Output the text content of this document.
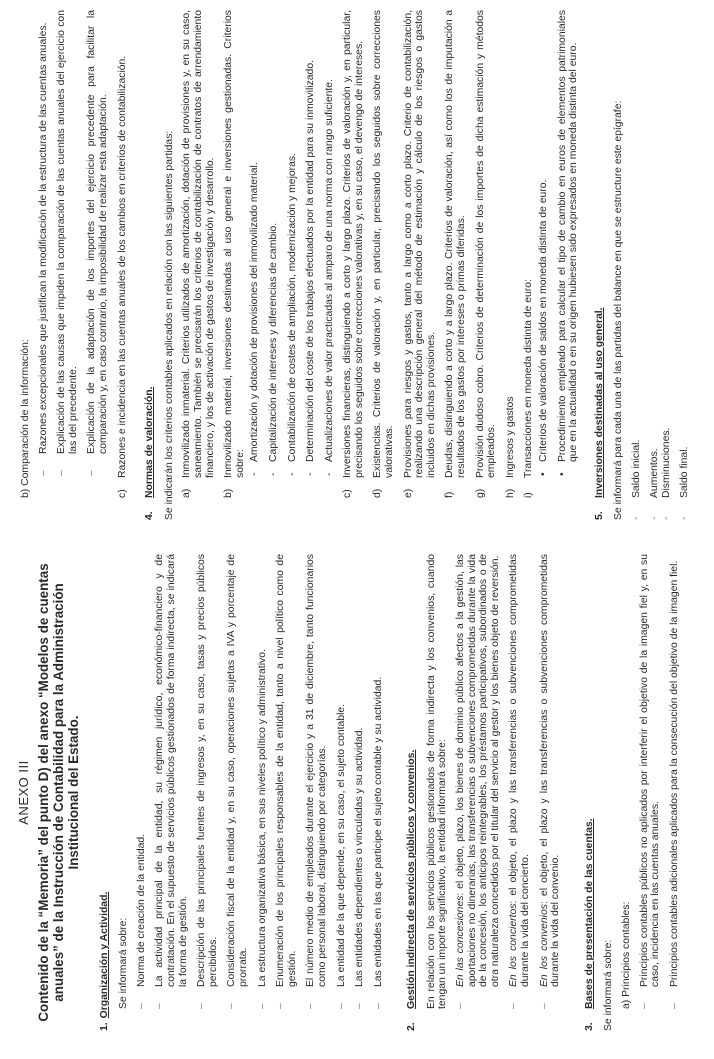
ANEXO III Contenido de la “Memoria” del punto D) del anexo “Modelos de cuentas anuales” de la Instrucción de Contabilidad para la Administración Institucional del Estado.
1.
Organización y Actividad. Se informará sobre: –
Norma de creación de la entidad.
–
La actividad principal de la entidad, su régimen jurídico, económico-financiero y de contratación. En el supuesto de servicios públicos gestionados de forma indirecta, se indicará la forma de gestión.
–
Descripción de las principales fuentes de ingresos y, en su caso, tasas y precios públicos percibidos.
–
Consideración fiscal de la entidad y, en su caso, operaciones sujetas a IVA y porcentaje de prorrata.
–
La estructura organizativa básica, en sus niveles político y administrativo.
–
Enumeración de los principales responsables de la entidad, tanto a nivel político como de gestión.
–
El número medio de empleados durante el ejercicio y a 31 de diciembre, tanto funcionarios como personal laboral, distinguiendo por categorías.
–
La entidad de la que depende, en su caso, el sujeto contable.
–
Las entidades dependientes o vinculadas y su actividad.
–
Las entidades en las que participe el sujeto contable y su actividad.
2.
Gestión indirecta de servicios públicos y convenios. En relación con los servicios públicos gestionados de forma indirecta y los convenios, cuando tengan un importe significativo, la entidad informará sobre: –
En las concesiones: el objeto, plazo, los bienes de dominio público afectos a la gestión, las aportaciones no dinerarias, las transferencias o subvenciones comprometidas durante la vida de la concesión, los anticipos reintegrables, los préstamos participativos, subordinados o de otra naturaleza concedidos por el titular del servicio al gestor y los bienes objeto de reversión.
–
En los conciertos: el objeto, el plazo y las transferencias o subvenciones comprometidas durante la vida del concierto.
–
En los convenios: el objeto, el plazo y las transferencias o subvenciones comprometidas durante la vida del convenio.
3.
Bases de presentación de las cuentas. Se informará sobre: a) Principios contables: –
Principios contables públicos no aplicados por interferir el objetivo de la imagen fiel y, en su caso, incidencia en las cuentas anuales.
–
Principios contables adicionales aplicados para la consecución del objetivo de la imagen fiel.

b) Comparación de la información: –
Razones excepcionales que justifican la modificación de la estructura de las cuentas anuales.
–
Explicación de las causas que impiden la comparación de las cuentas anuales del ejercicio con las del precedente.
–
Explicación de la adaptación de los importes del ejercicio precedente para facilitar la comparación y, en caso contrario, la imposibilidad de realizar esta adaptación.
c)
Razones e incidencia en las cuentas anuales de los cambios en criterios de contabilización.
4.
Normas de valoración. Se indicarán los criterios contables aplicados en relación con las siguientes partidas: a)
Inmovilizado inmaterial. Criterios utilizados de amortización, dotación de provisiones y, en su caso, saneamiento. También se precisarán los criterios de contabilización de contratos de arrendamiento financiero, y los de activación de gastos de investigación y desarrollo.
b)
Inmovilizado material, inversiones destinadas al uso general e inversiones gestionadas. Criterios sobre: -
Amortización y dotación de provisiones del inmovilizado material.
-
Capitalización de intereses y diferencias de cambio.
-
Contabilización de costes de ampliación, modernización y mejoras.
-
Determinación del coste de los trabajos efectuados por la entidad para su inmovilizado.
-
Actualizaciones de valor practicadas al amparo de una norma con rango suficiente.
c)
Inversiones financieras, distinguiendo a corto y largo plazo. Criterios de valoración y, en particular, precisando los seguidos sobre correcciones valorativas y, en su caso, el devengo de intereses.
d)
Existencias. Criterios de valoración y, en particular, precisando los seguidos sobre correcciones valorativas.
e)
Provisiones para riesgos y gastos, tanto a largo como a corto plazo. Criterio de contabilización, realizando una descripción general del método de estimación y cálculo de los riesgos o gastos incluidos en dichas provisiones.
f)
Deudas, distinguiendo a corto y a largo plazo. Criterios de valoración, así como los de imputación a resultados de los gastos por intereses o primas diferidas.
g)
Provisión dudoso cobro. Criterios de determinación de los importes de dicha estimación y métodos empleados.
h)
Ingresos y gastos
i)
Transacciones en moneda distinta de euro: •
Criterios de valoración de saldos en moneda distinta de euro.
•
Procedimiento empleado para calcular el tipo de cambio en euros de elementos patrimoniales que en la actualidad o en su origen hubiesen sido expresados en moneda distinta del euro.
5.
Inversiones destinadas al uso general. Se informará para cada una de las partidas del balance en que se estructure este epígrafe: -
Saldo inicial.
-
Aumentos.
-
Disminuciones.
-
Saldo final.
